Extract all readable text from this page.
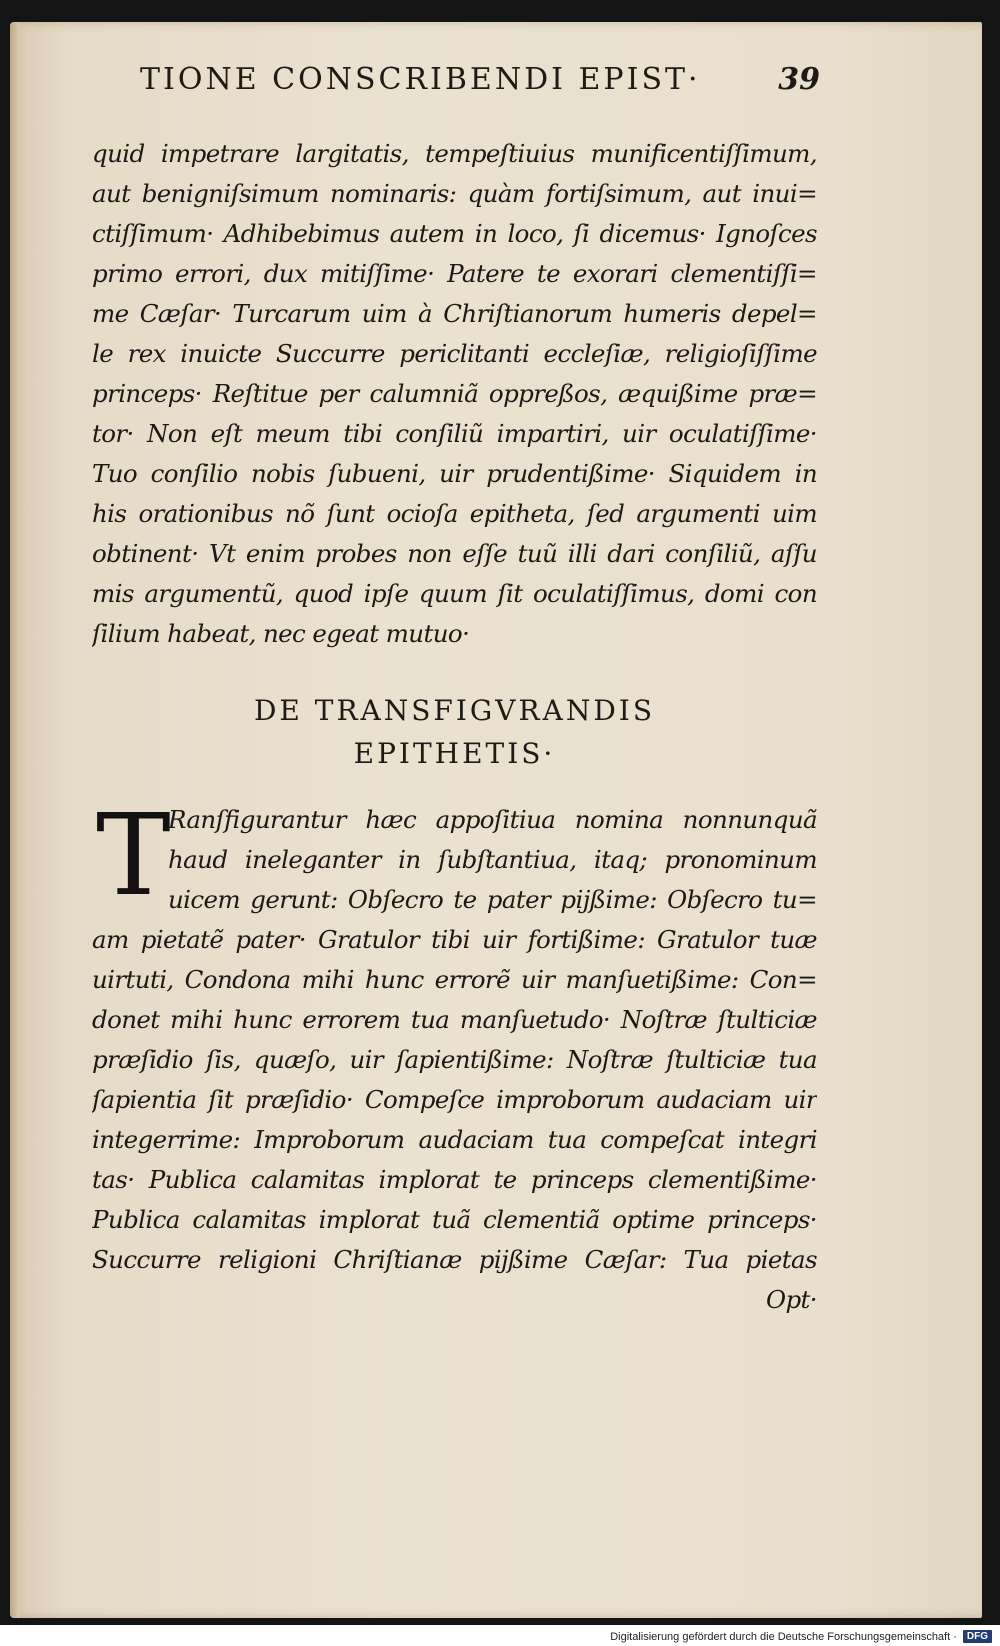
TIONE CONSCRIBENDI EPIST·	39
quid impetrare largitatis, tempeſtiuius munificentiſſimum,
aut benigniſsimum nominaris: quàm fortiſsimum, aut inui=
ctiſſimum· Adhibebimus autem in loco, ſi dicemus· Ignoſces
primo errori, dux mitiſſime· Patere te exorari clementiſſi=
me Cæſar· Turcarum uim à Chriſtianorum humeris depel=
le rex inuicte Succurre periclitanti eccleſiæ, religioſiſſime
princeps· Reſtitue per calumniã oppreßos, æquißime præ=
tor· Non eſt meum tibi conſiliũ impartiri, uir oculatiſſime·
Tuo conſilio nobis ſubueni, uir prudentißime· Siquidem in
his orationibus nõ ſunt ocioſa epitheta, ſed argumenti uim
obtinent· Vt enim probes non eſſe tuũ illi dari conſiliũ, aſſu
mis argumentũ, quod ipſe quum ſit oculatiſſimus, domi con
ſilium habeat, nec egeat mutuo·
DE TRANSFIGVRANDIS
EPITHETIS·
T
Ranſfigurantur hæc appoſitiua nomina nonnunquã
haud ineleganter in ſubſtantiua, itaq; pronominum
uicem gerunt: Obſecro te pater pijßime: Obſecro tu=
am pietatẽ pater· Gratulor tibi uir fortißime: Gratulor tuæ
uirtuti, Condona mihi hunc errorẽ uir manſuetißime: Con=
donet mihi hunc errorem tua manſuetudo· Noſtræ ſtulticiæ
præſidio ſis, quæſo, uir ſapientißime: Noſtræ ſtulticiæ tua
ſapientia ſit præſidio· Compeſce improborum audaciam uir
integerrime: Improborum audaciam tua compeſcat integri
tas· Publica calamitas implorat te princeps clementißime·
Publica calamitas implorat tuã clementiã optime princeps·
Succurre religioni Chriſtianæ pijßime Cæſar: Tua pietas
Opt·
Digitalisierung gefördert durch die Deutsche Forschungsgemeinschaft ·	DFG
